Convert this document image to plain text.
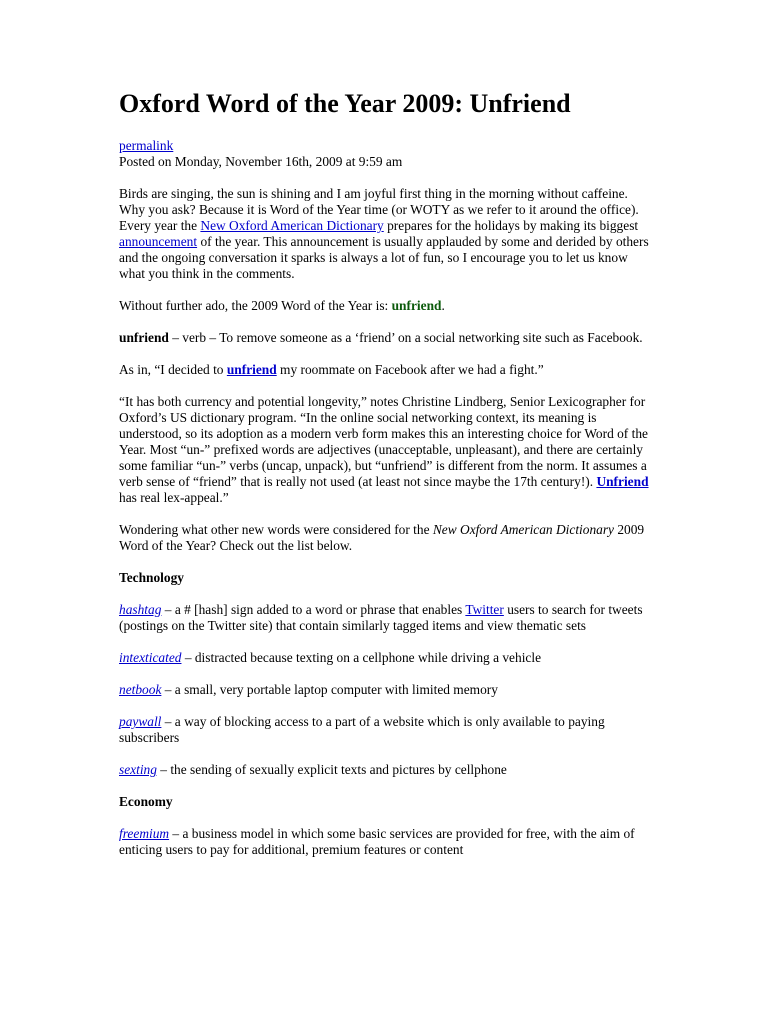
Oxford Word of the Year 2009: Unfriend
permalink
Posted on Monday, November 16th, 2009 at 9:59 am

Birds are singing, the sun is shining and I am joyful first thing in the morning without caffeine. Why you ask? Because it is Word of the Year time (or WOTY as we refer to it around the office). Every year the New Oxford American Dictionary prepares for the holidays by making its biggest announcement of the year. This announcement is usually applauded by some and derided by others and the ongoing conversation it sparks is always a lot of fun, so I encourage you to let us know what you think in the comments.

Without further ado, the 2009 Word of the Year is: unfriend.

unfriend – verb – To remove someone as a ‘friend’ on a social networking site such as Facebook.

As in, “I decided to unfriend my roommate on Facebook after we had a fight.”

“It has both currency and potential longevity,” notes Christine Lindberg, Senior Lexicographer for Oxford’s US dictionary program. “In the online social networking context, its meaning is understood, so its adoption as a modern verb form makes this an interesting choice for Word of the Year. Most “un-” prefixed words are adjectives (unacceptable, unpleasant), and there are certainly some familiar “un-” verbs (uncap, unpack), but “unfriend” is different from the norm. It assumes a verb sense of “friend” that is really not used (at least not since maybe the 17th century!). Unfriend has real lex-appeal.”

Wondering what other new words were considered for the New Oxford American Dictionary 2009 Word of the Year? Check out the list below.

Technology

hashtag – a # [hash] sign added to a word or phrase that enables Twitter users to search for tweets (postings on the Twitter site) that contain similarly tagged items and view thematic sets

intexticated – distracted because texting on a cellphone while driving a vehicle

netbook – a small, very portable laptop computer with limited memory

paywall – a way of blocking access to a part of a website which is only available to paying subscribers

sexting – the sending of sexually explicit texts and pictures by cellphone

Economy

freemium – a business model in which some basic services are provided for free, with the aim of enticing users to pay for additional, premium features or content
